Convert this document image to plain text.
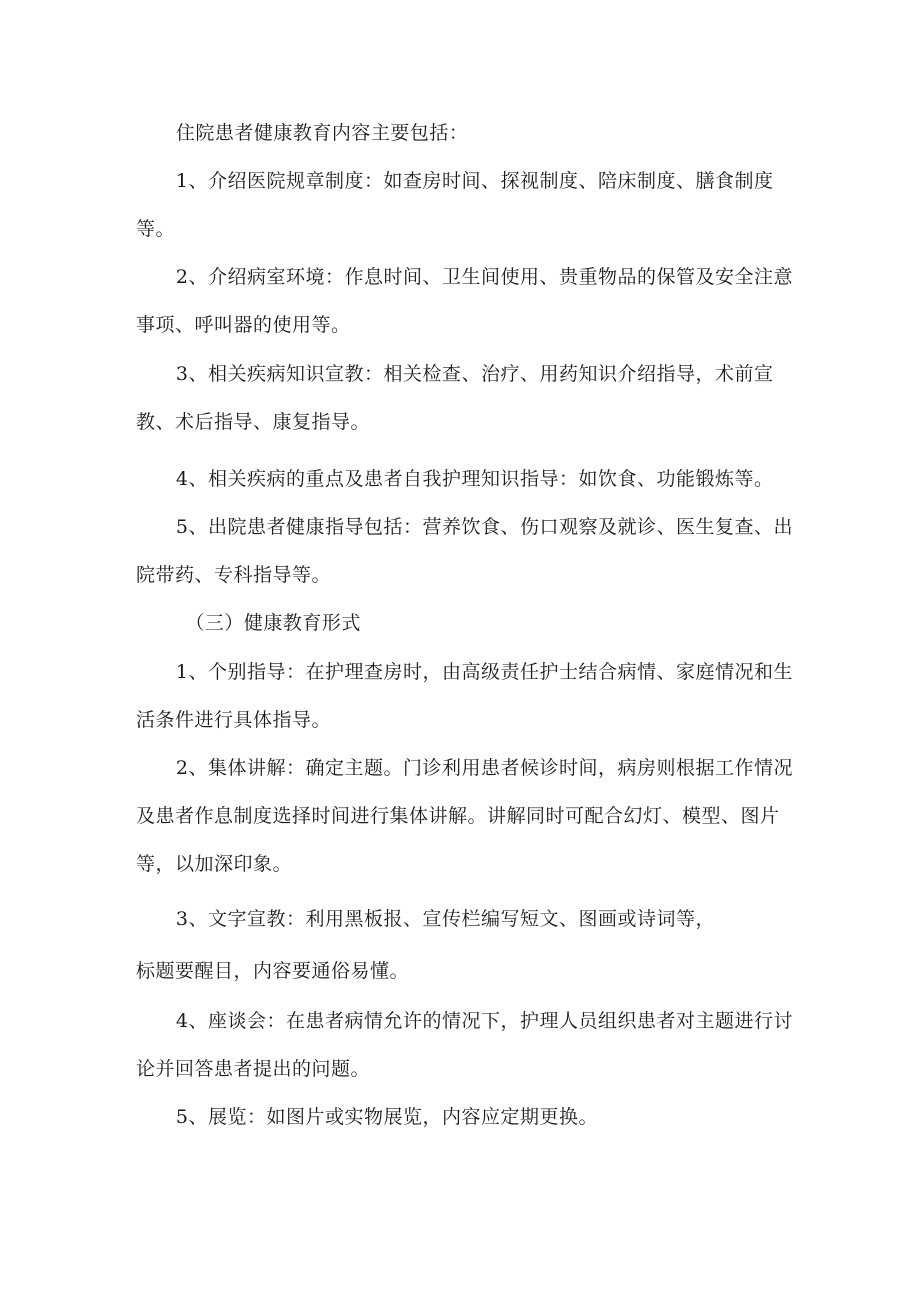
住院患者健康教育内容主要包括：

1、介绍医院规章制度：如查房时间、探视制度、陪床制度、膳食制度等。

2、介绍病室环境：作息时间、卫生间使用、贵重物品的保管及安全注意事项、呼叫器的使用等。

3、相关疾病知识宣教：相关检查、治疗、用药知识介绍指导，术前宣教、术后指导、康复指导。

4、相关疾病的重点及患者自我护理知识指导：如饮食、功能锻炼等。

5、出院患者健康指导包括：营养饮食、伤口观察及就诊、医生复查、出院带药、专科指导等。

（三）健康教育形式

1、个别指导：在护理查房时，由高级责任护士结合病情、家庭情况和生活条件进行具体指导。

2、集体讲解：确定主题。门诊利用患者候诊时间，病房则根据工作情况及患者作息制度选择时间进行集体讲解。讲解同时可配合幻灯、模型、图片等，以加深印象。

3、文字宣教：利用黑板报、宣传栏编写短文、图画或诗词等，

标题要醒目，内容要通俗易懂。

4、座谈会：在患者病情允许的情况下，护理人员组织患者对主题进行讨论并回答患者提出的问题。

5、展览：如图片或实物展览，内容应定期更换。
